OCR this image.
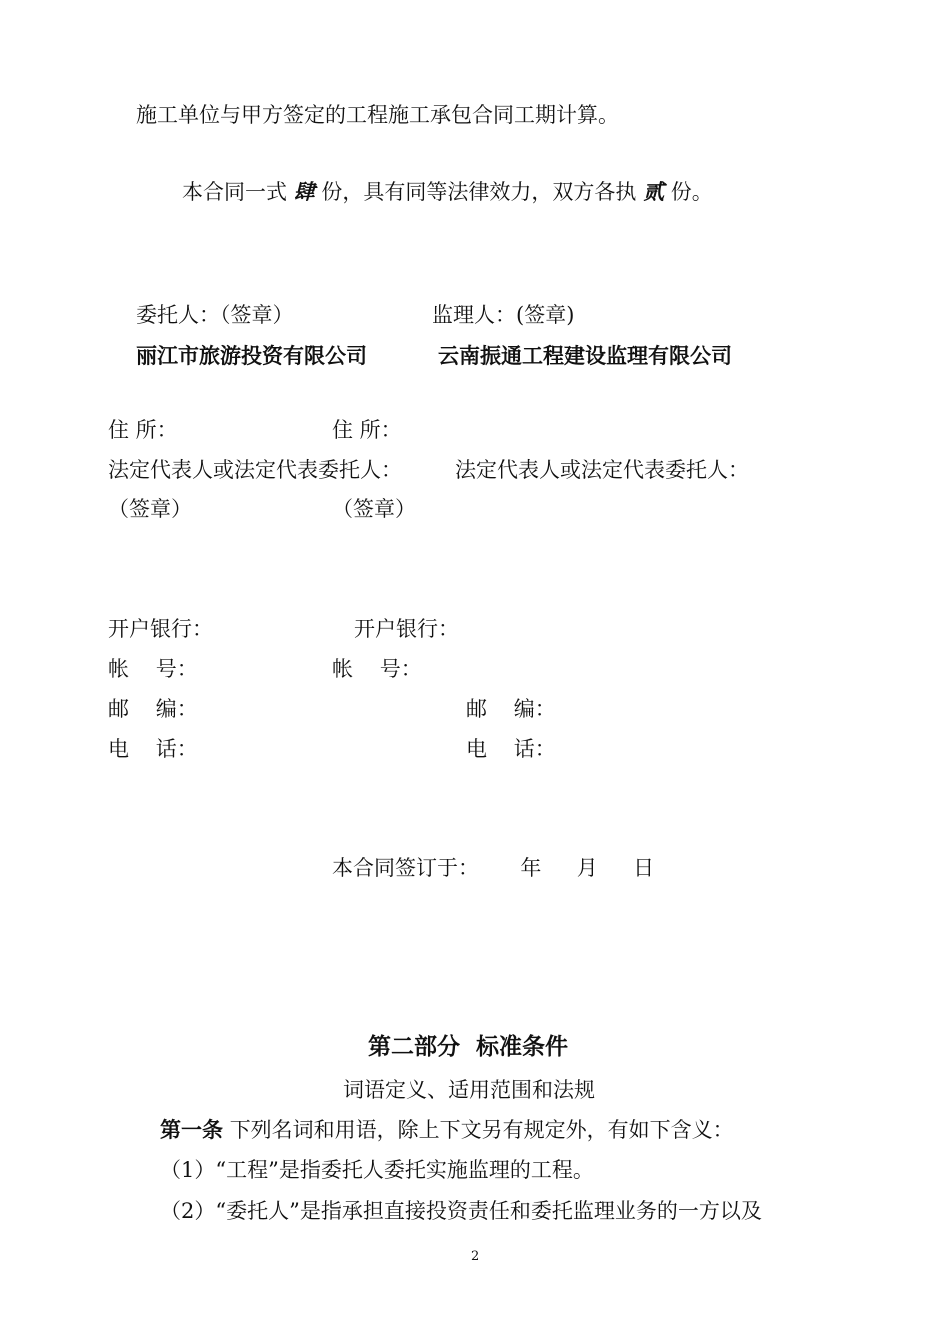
施工单位与甲方签定的工程施工承包合同工期计算。
本合同一式 肆 份，具有同等法律效力，双方各执 贰 份。
委托人：（签章）	监理人：(签章)
丽江市旅游投资有限公司	云南振通工程建设监理有限公司
住 所：	住 所：
法定代表人或法定代表委托人：	法定代表人或法定代表委托人：
（签章）	（签章）
开户银行：	开户银行：
帐    号：	帐    号：
邮    编：	邮    编：
电    话：	电    话：
本合同签订于： 年 月 日
第二部分  标准条件
词语定义、适用范围和法规
第一条 下列名词和用语，除上下文另有规定外，有如下含义：
（1）“工程”是指委托人委托实施监理的工程。
（2）“委托人”是指承担直接投资责任和委托监理业务的一方以及
2
